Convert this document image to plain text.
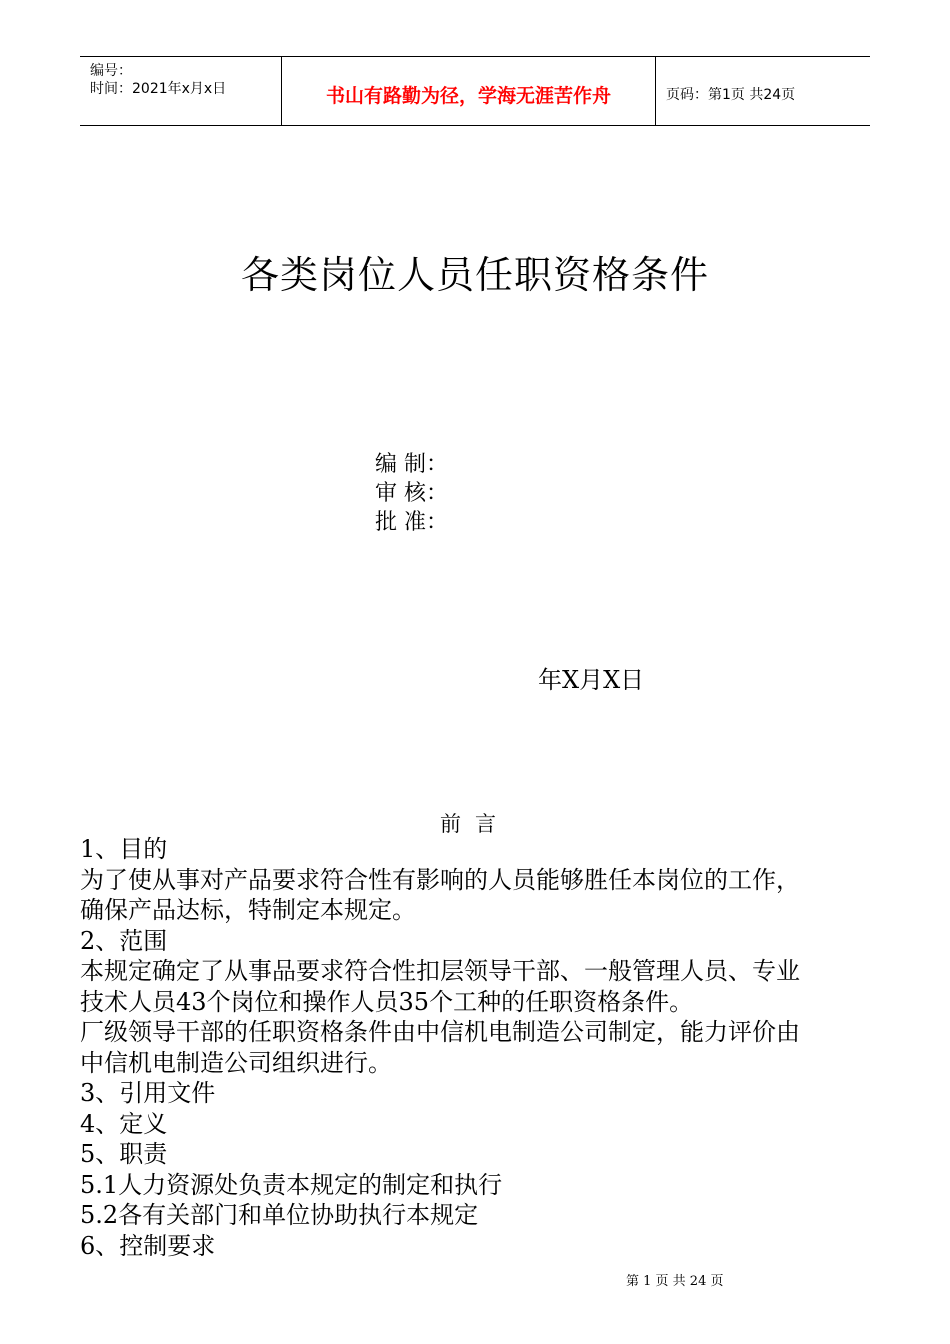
编号：
时间：2021年x月x日	书山有路勤为径，学海无涯苦作舟	页码：第1页 共24页
各类岗位人员任职资格条件
编 制：
审 核：
批 准：
年X月X日
前言

1、目的

为了使从事对产品要求符合性有影响的人员能够胜任本岗位的工作，

确保产品达标，特制定本规定。

2、范围

本规定确定了从事品要求符合性扣层领导干部、一般管理人员、专业

技术人员43个岗位和操作人员35个工种的任职资格条件。

厂级领导干部的任职资格条件由中信机电制造公司制定，能力评价由

中信机电制造公司组织进行。

3、引用文件

4、定义

5、职责

5.1人力资源处负责本规定的制定和执行

5.2各有关部门和单位协助执行本规定

6、控制要求

第 1 页 共 24 页
